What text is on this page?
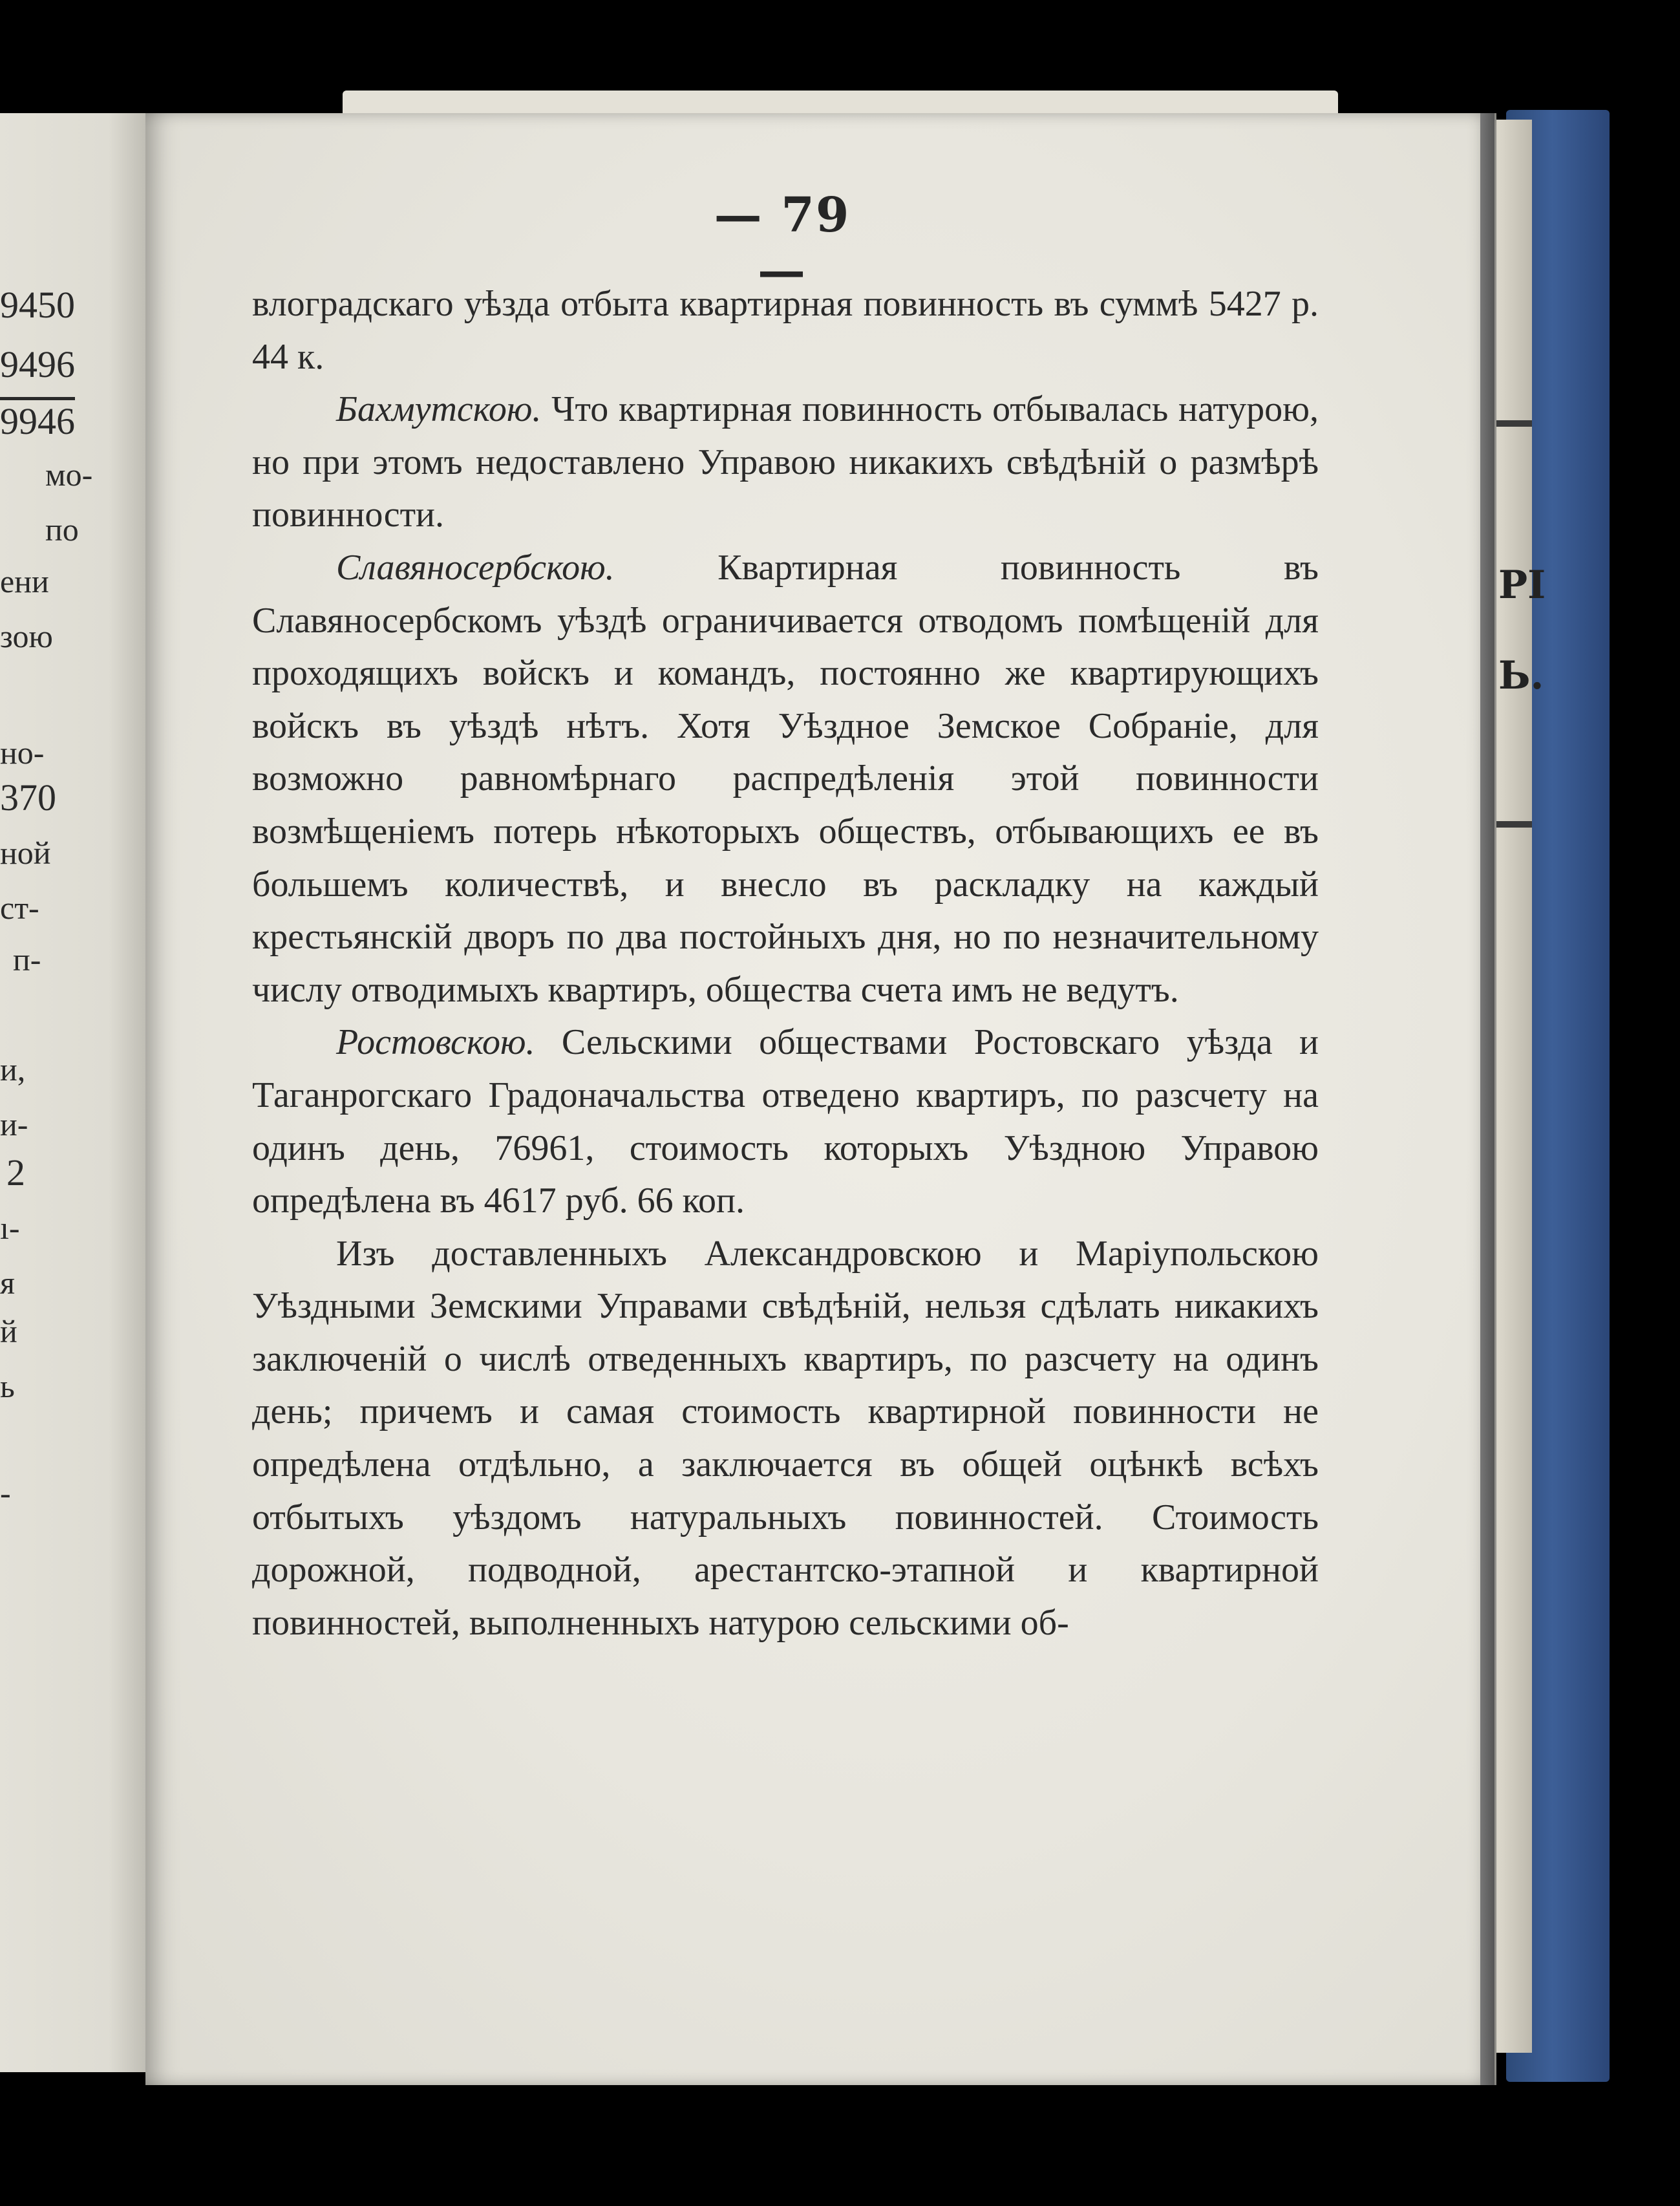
РI
Ь.
9450
9496
9946
мо-
по
ени
зою
но-
370
ной
ст-
п-
и,
и-
2
ı-
я
й
ь
-
— 79 —

влоградскаго уѣзда отбыта квартирная повинность въ суммѣ 5427 р. 44 к.

Бахмутскою. Что квартирная повинность отбывалась натурою, но при этомъ недоставлено Управою никакихъ свѣдѣній о размѣрѣ повинности.

Славяносербскою. Квартирная повинность въ Славяносербскомъ уѣздѣ ограничивается отводомъ помѣщеній для проходящихъ войскъ и командъ, постоянно же квартирующихъ войскъ въ уѣздѣ нѣтъ. Хотя Уѣздное Земское Собраніе, для возможно равномѣрнаго распредѣленія этой повинности возмѣщеніемъ потерь нѣкоторыхъ обществъ, отбывающихъ ее въ большемъ количествѣ, и внесло въ раскладку на каждый крестьянскій дворъ по два постойныхъ дня, но по незначительному числу отводимыхъ квартиръ, общества счета имъ не ведутъ.

Ростовскою. Сельскими обществами Ростовскаго уѣзда и Таганрогскаго Градоначальства отведено квартиръ, по разсчету на одинъ день, 76961, стоимость которыхъ Уѣздною Управою опредѣлена въ 4617 руб. 66 коп.

Изъ доставленныхъ Александровскою и Маріупольскою Уѣздными Земскими Управами свѣдѣній, нельзя сдѣлать никакихъ заключеній о числѣ отведенныхъ квартиръ, по разсчету на одинъ день; причемъ и самая стоимость квартирной повинности не опредѣлена отдѣльно, а заключается въ общей оцѣнкѣ всѣхъ отбытыхъ уѣздомъ натуральныхъ повинностей. Стоимость дорожной, подводной, арестантско-этапной и квартирной повинностей, выполненныхъ натурою сельскими об-
